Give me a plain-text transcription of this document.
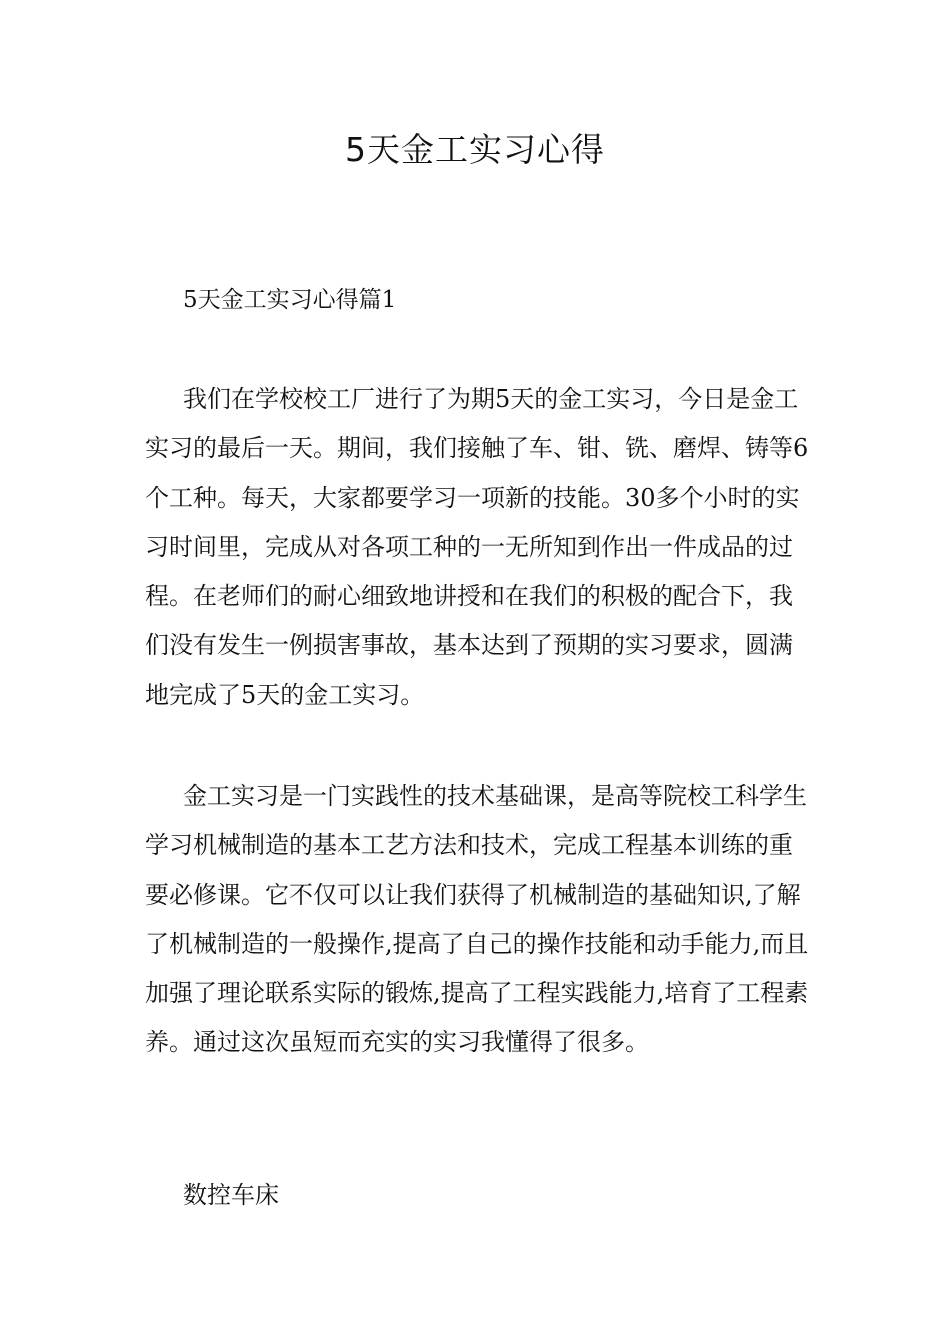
5天金工实习心得
5天金工实习心得篇1

我们在学校校工厂进行了为期5天的金工实习，今日是金工实习的最后一天。期间，我们接触了车、钳、铣、磨焊、铸等6个工种。每天，大家都要学习一项新的技能。30多个小时的实习时间里，完成从对各项工种的一无所知到作出一件成品的过程。在老师们的耐心细致地讲授和在我们的积极的配合下，我们没有发生一例损害事故，基本达到了预期的实习要求，圆满地完成了5天的金工实习。

金工实习是一门实践性的技术基础课，是高等院校工科学生学习机械制造的基本工艺方法和技术，完成工程基本训练的重要必修课。它不仅可以让我们获得了机械制造的基础知识,了解了机械制造的一般操作,提高了自己的操作技能和动手能力,而且加强了理论联系实际的锻炼,提高了工程实践能力,培育了工程素养。通过这次虽短而充实的实习我懂得了很多。

数控车床
